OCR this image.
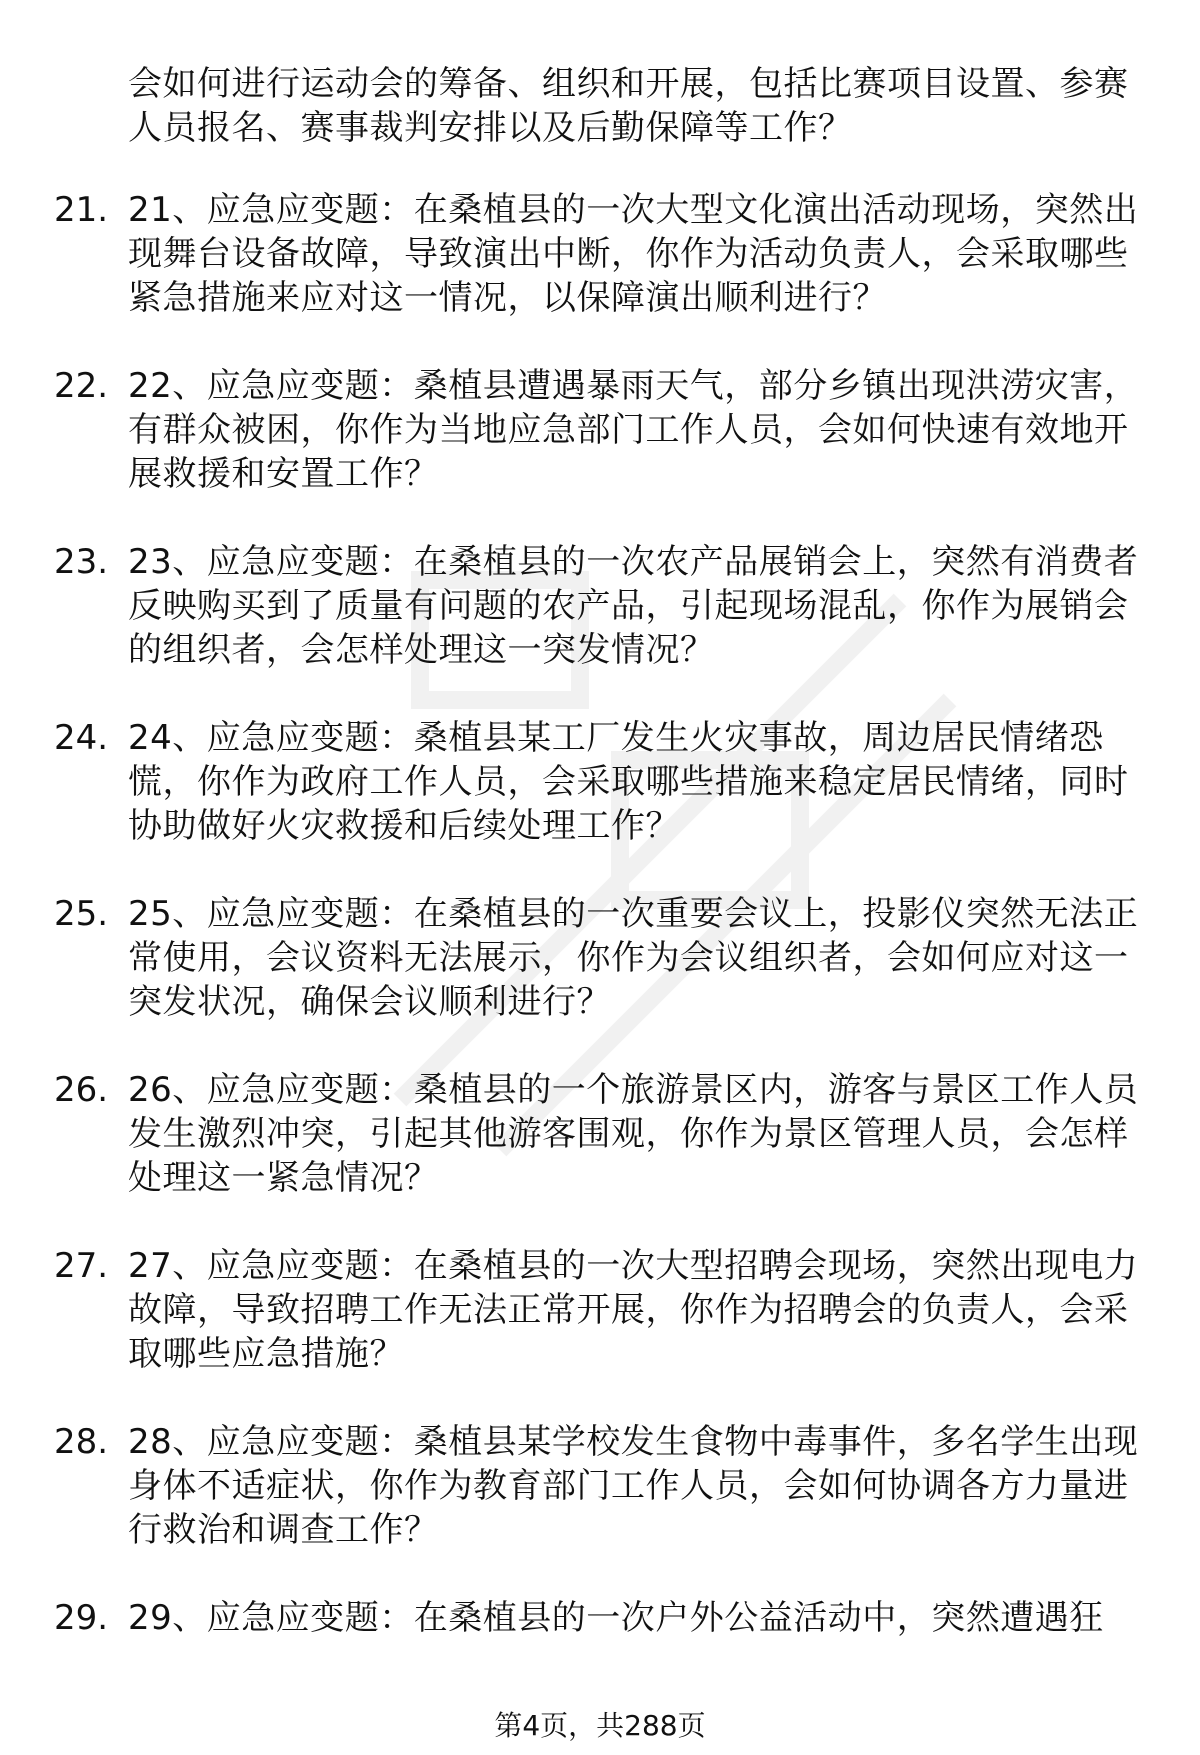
会如何进行运动会的筹备、组织和开展，包括比赛项目设置、参赛人员报名、赛事裁判安排以及后勤保障等工作？
21. 21、应急应变题：在桑植县的一次大型文化演出活动现场，突然出现舞台设备故障，导致演出中断，你作为活动负责人，会采取哪些紧急措施来应对这一情况，以保障演出顺利进行？
22. 22、应急应变题：桑植县遭遇暴雨天气，部分乡镇出现洪涝灾害，有群众被困，你作为当地应急部门工作人员，会如何快速有效地开展救援和安置工作？
23. 23、应急应变题：在桑植县的一次农产品展销会上，突然有消费者反映购买到了质量有问题的农产品，引起现场混乱，你作为展销会的组织者，会怎样处理这一突发情况？
24. 24、应急应变题：桑植县某工厂发生火灾事故，周边居民情绪恐慌，你作为政府工作人员，会采取哪些措施来稳定居民情绪，同时协助做好火灾救援和后续处理工作？
25. 25、应急应变题：在桑植县的一次重要会议上，投影仪突然无法正常使用，会议资料无法展示，你作为会议组织者，会如何应对这一突发状况，确保会议顺利进行？
26. 26、应急应变题：桑植县的一个旅游景区内，游客与景区工作人员发生激烈冲突，引起其他游客围观，你作为景区管理人员，会怎样处理这一紧急情况？
27. 27、应急应变题：在桑植县的一次大型招聘会现场，突然出现电力故障，导致招聘工作无法正常开展，你作为招聘会的负责人，会采取哪些应急措施？
28. 28、应急应变题：桑植县某学校发生食物中毒事件，多名学生出现身体不适症状，你作为教育部门工作人员，会如何协调各方力量进行救治和调查工作？
29. 29、应急应变题：在桑植县的一次户外公益活动中，突然遭遇狂
第4页，共288页
